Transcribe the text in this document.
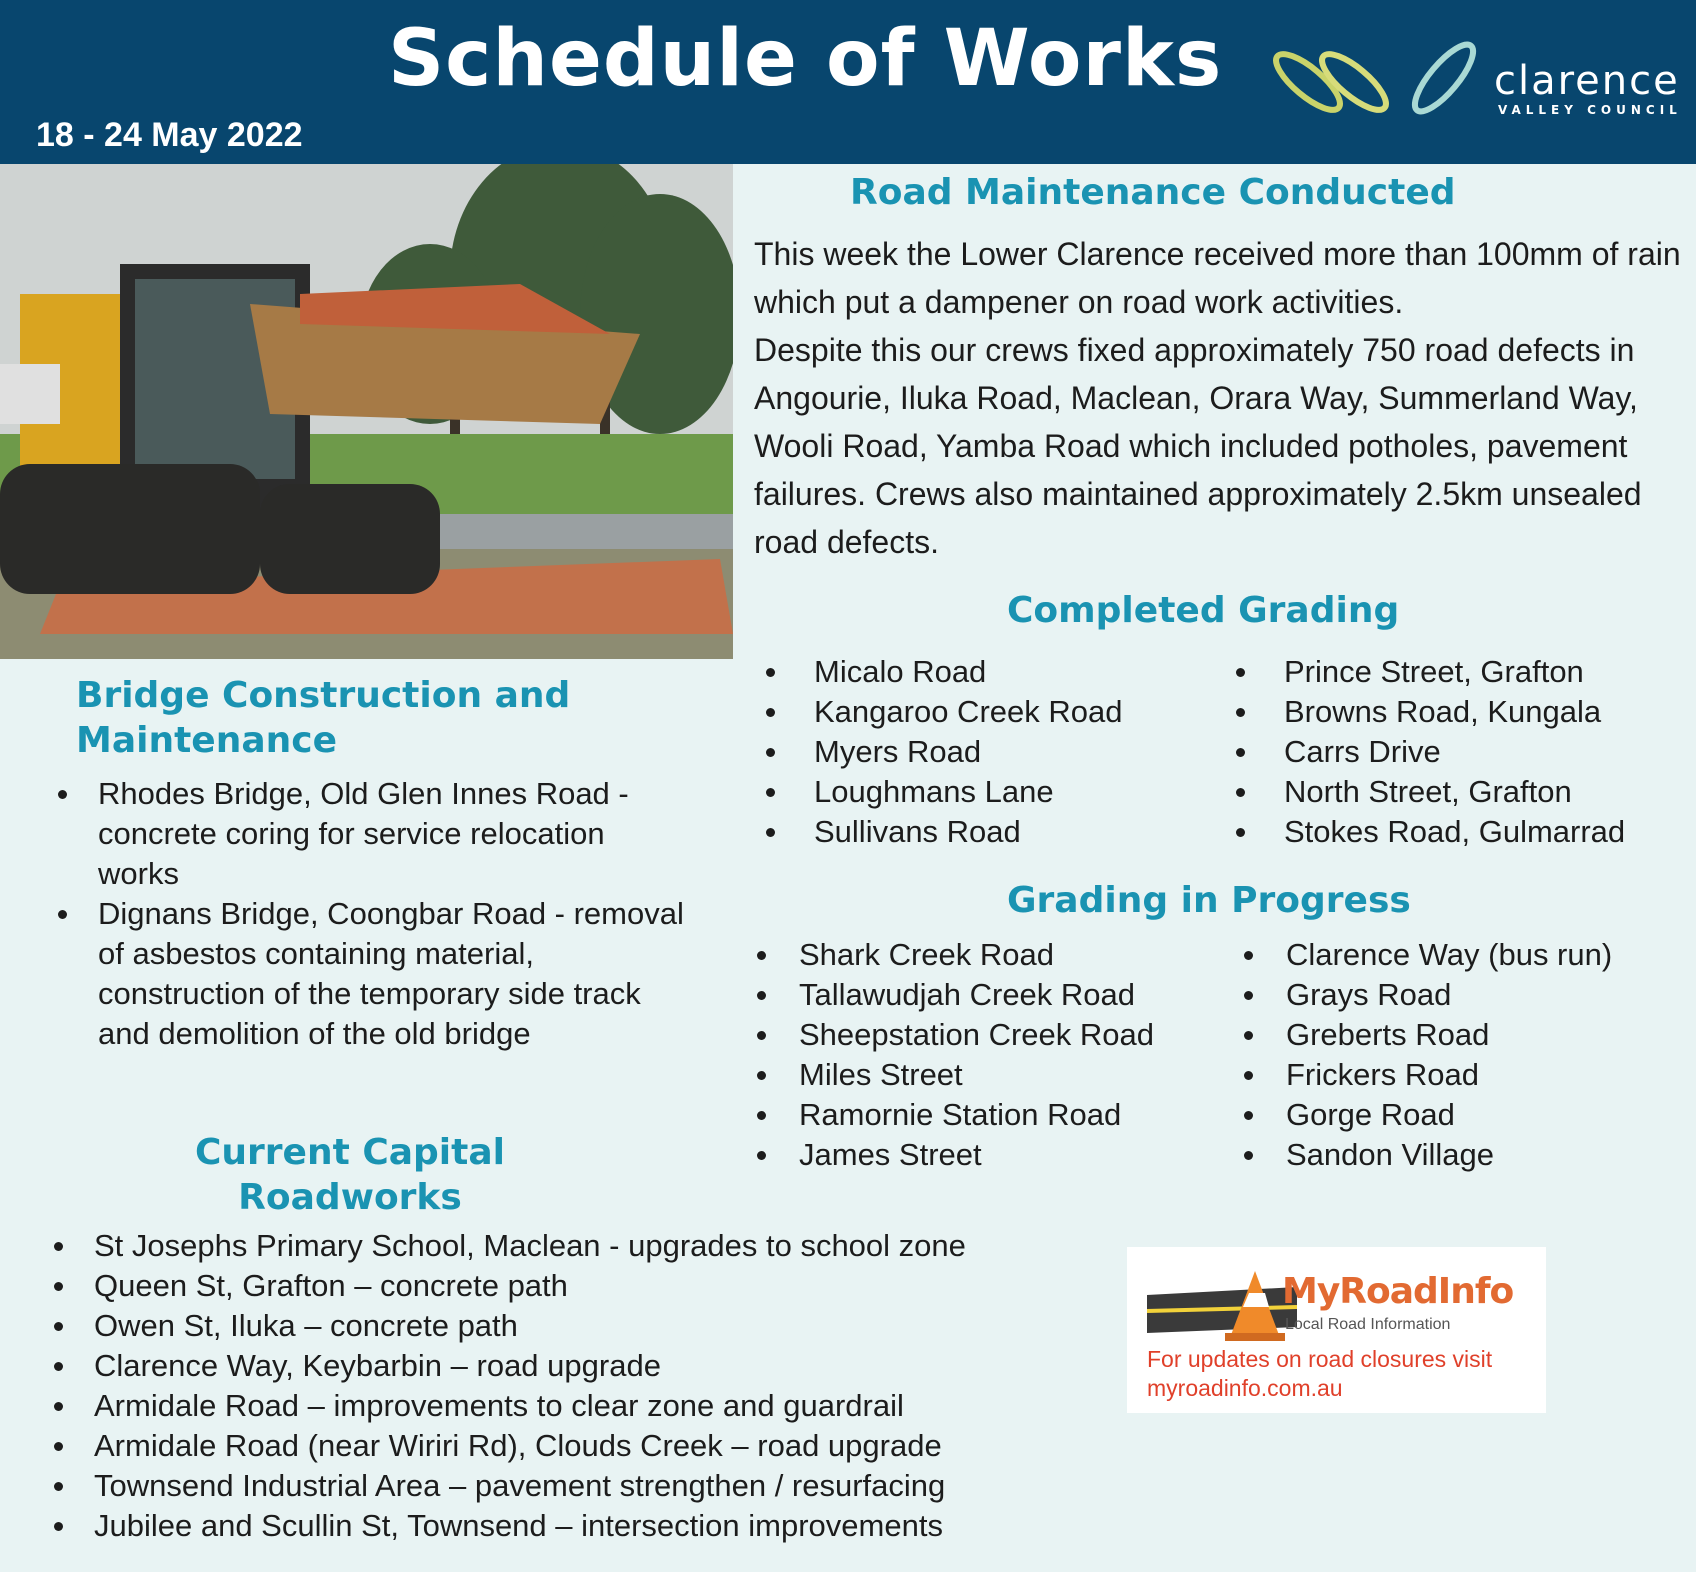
Schedule of Works
18 - 24 May 2022
clarence
VALLEY COUNCIL
Road Maintenance Conducted

This week the Lower Clarence received more than 100mm of rain which put a dampener on road work activities.

Despite this our crews fixed approximately 750 road defects in Angourie, Iluka Road, Maclean, Orara Way, Summerland Way, Wooli Road, Yamba Road which included potholes, pavement failures. Crews also maintained approximately 2.5km unsealed road defects.

Completed Grading
Micalo Road
Kangaroo Creek Road
Myers Road
Loughmans Lane
Sullivans Road
Prince Street, Grafton
Browns Road, Kungala
Carrs Drive
North Street, Grafton
Stokes Road, Gulmarrad
Grading in Progress
Shark Creek Road
Tallawudjah Creek Road
Sheepstation Creek Road
Miles Street
Ramornie Station Road
James Street
Clarence Way (bus run)
Grays Road
Greberts Road
Frickers Road
Gorge Road
Sandon Village
Bridge Construction and
Maintenance
Rhodes Bridge, Old Glen Innes Road - concrete coring for service relocation works
Dignans Bridge, Coongbar Road - removal of asbestos containing material, construction of the temporary side track and demolition of the old bridge
Current Capital
Roadworks
St Josephs Primary School, Maclean - upgrades to school zone
Queen St, Grafton – concrete path
Owen St, Iluka – concrete path
Clarence Way, Keybarbin – road upgrade
Armidale Road – improvements to clear zone and guardrail
Armidale Road (near Wiriri Rd), Clouds Creek – road upgrade
Townsend Industrial Area – pavement strengthen / resurfacing
Jubilee and Scullin St, Townsend – intersection improvements
MyRoadInfo
Local Road Information
For updates on road closures visit
myroadinfo.com.au
